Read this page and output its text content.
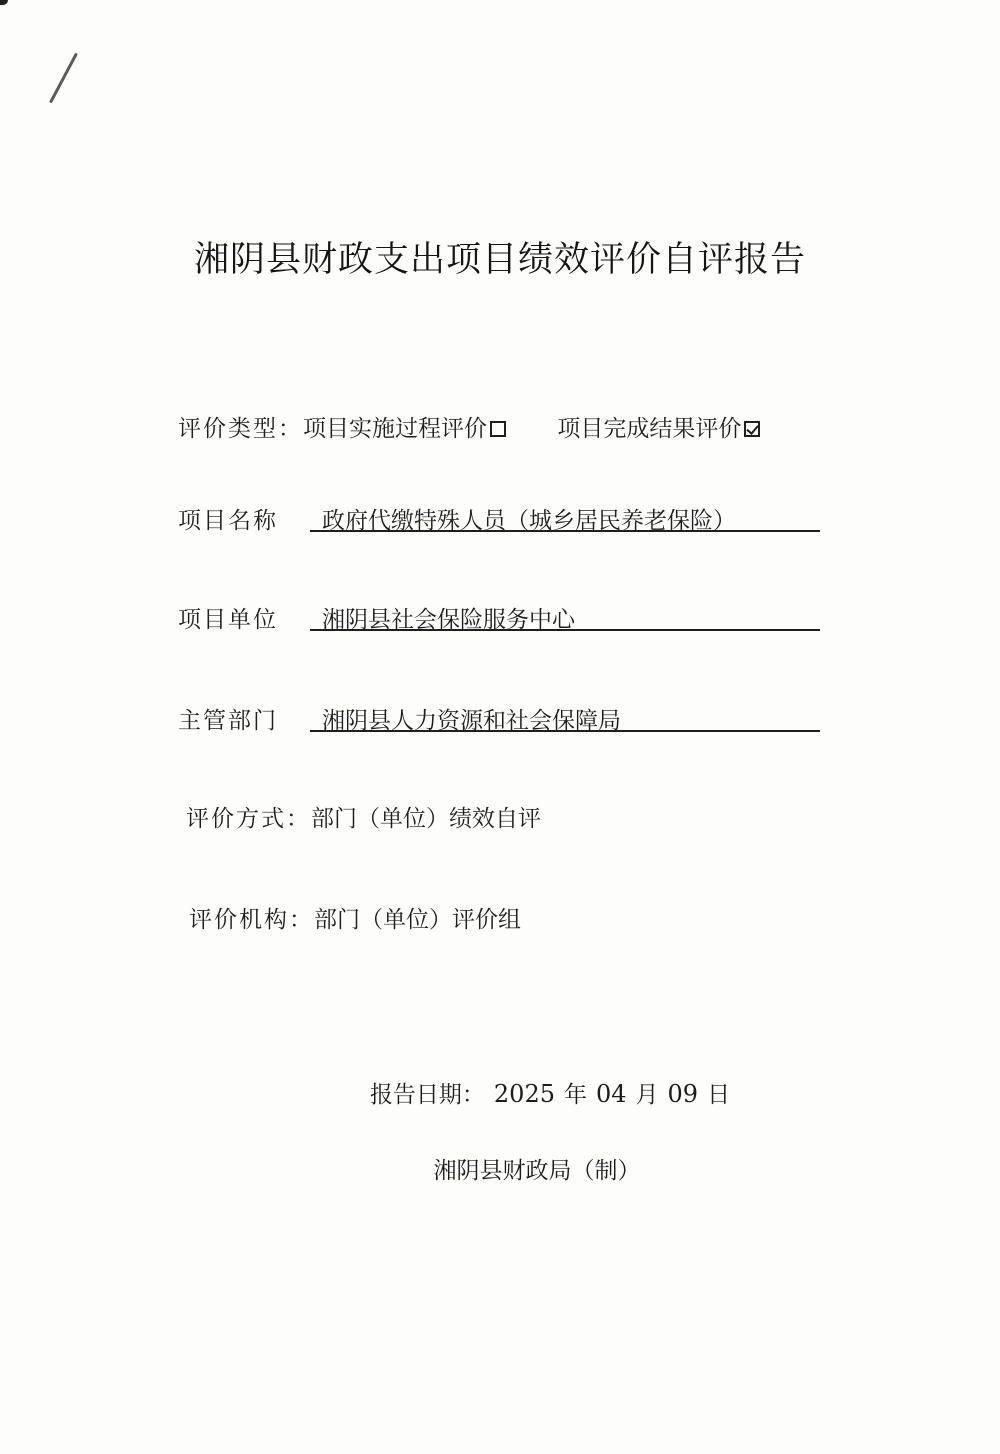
湘阴县财政支出项目绩效评价自评报告
评价类型：项目实施过程评价	项目完成结果评价
项目名称	政府代缴特殊人员（城乡居民养老保险）
项目单位	湘阴县社会保险服务中心
主管部门	湘阴县人力资源和社会保障局
评价方式：部门（单位）绩效自评
评价机构：部门（单位）评价组
报告日期： 2025 年 04 月 09 日
湘阴县财政局（制）
